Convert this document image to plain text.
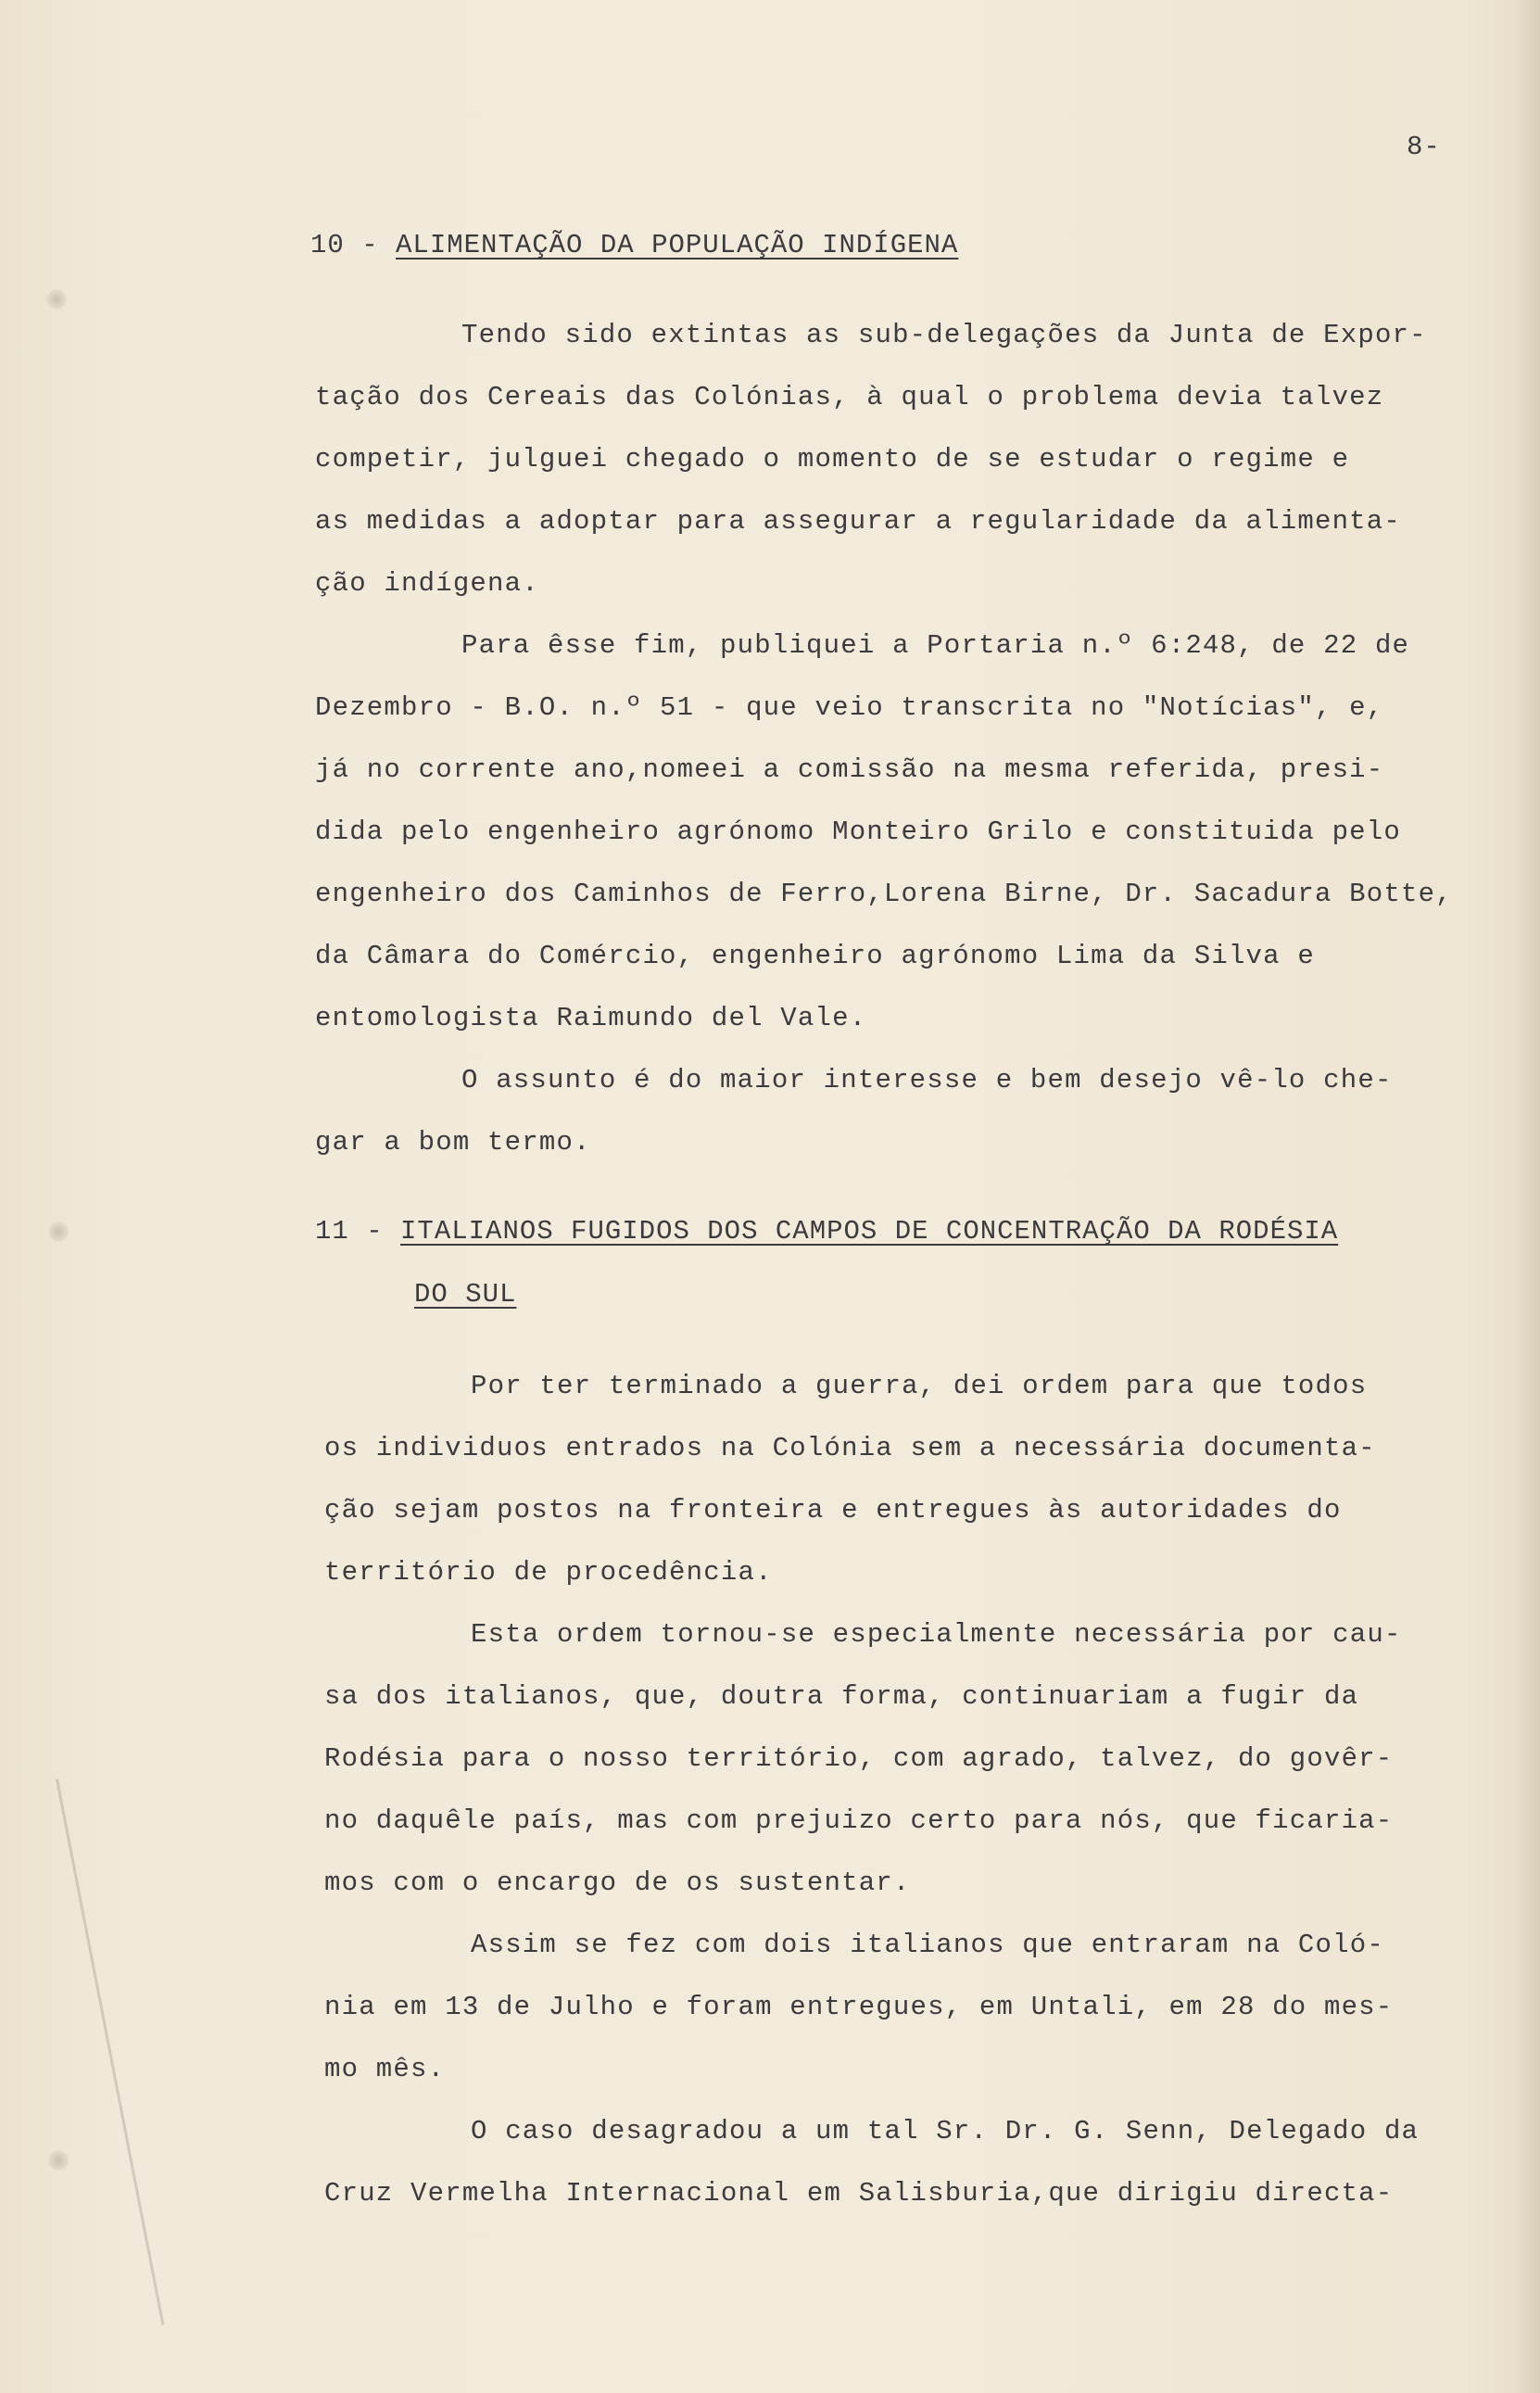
8-
10 - ALIMENTAÇÃO DA POPULAÇÃO INDÍGENA
Tendo sido extintas as sub-delegações da Junta de Expor-
tação dos Cereais das Colónias, à qual o problema devia talvez
competir, julguei chegado o momento de se estudar o regime e
as medidas a adoptar para assegurar a regularidade da alimenta-
ção indígena.
Para êsse fim, publiquei a Portaria n.º 6:248, de 22 de
Dezembro - B.O. n.º 51 - que veio transcrita no "Notícias", e,
já no corrente ano,nomeei a comissão na mesma referida, presi-
dida pelo engenheiro agrónomo Monteiro Grilo e constituida pelo
engenheiro dos Caminhos de Ferro,Lorena Birne, Dr. Sacadura Botte,
da Câmara do Comércio, engenheiro agrónomo Lima da Silva e
entomologista Raimundo del Vale.
O assunto é do maior interesse e bem desejo vê-lo che-
gar a bom termo.
11 - ITALIANOS FUGIDOS DOS CAMPOS DE CONCENTRAÇÃO DA RODÉSIA
DO SUL
Por ter terminado a guerra, dei ordem para que todos
os individuos entrados na Colónia sem a necessária documenta-
ção sejam postos na fronteira e entregues às autoridades do
território de procedência.
Esta ordem tornou-se especialmente necessária por cau-
sa dos italianos, que, doutra forma, continuariam a fugir da
Rodésia para o nosso território, com agrado, talvez, do govêr-
no daquêle país, mas com prejuizo certo para nós, que ficaria-
mos com o encargo de os sustentar.
Assim se fez com dois italianos que entraram na Coló-
nia em 13 de Julho e foram entregues, em Untali, em 28 do mes-
mo mês.
O caso desagradou a um tal Sr. Dr. G. Senn, Delegado da
Cruz Vermelha Internacional em Salisburia,que dirigiu directa-
